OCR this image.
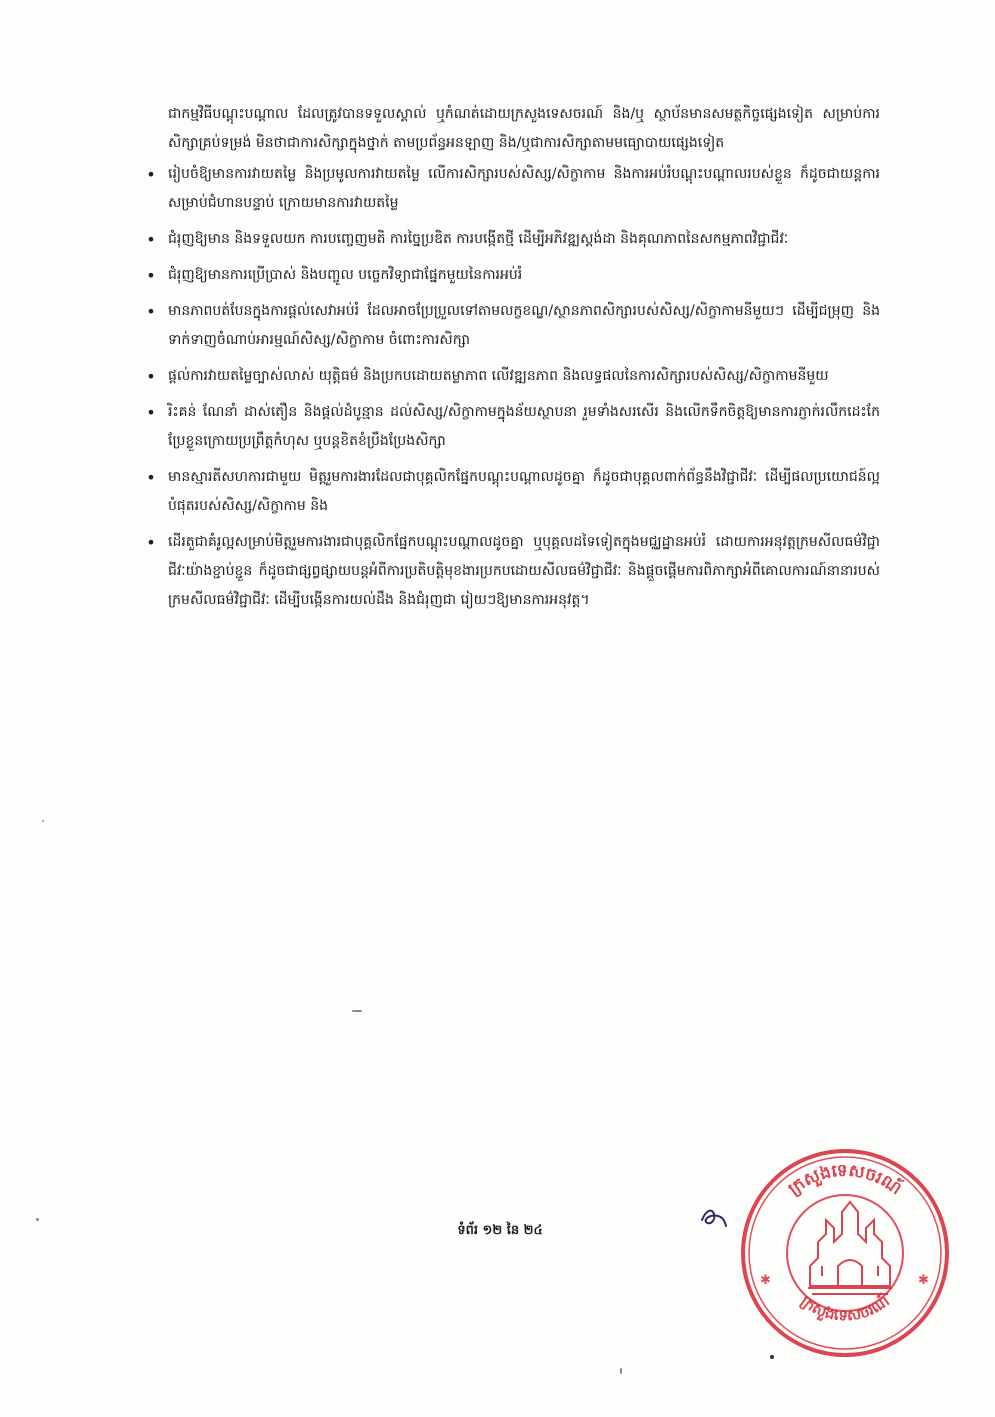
ជាកម្មវិធីបណ្តុះបណ្តាល ដែលត្រូវបានទទួលស្គាល់ ឬកំណត់ដោយក្រសួងទេសចរណ៍ និង/ឬ ស្ថាប័នមានសមត្ថកិច្ចផ្សេងទៀត សម្រាប់ការសិក្សាគ្រប់ទម្រង់ មិនថាជាការសិក្សាក្នុងថ្នាក់ តាមប្រព័ន្ធអនឡាញ និង/ឬជាការសិក្សាតាមមធ្យោបាយផ្សេងទៀត

• រៀបចំឱ្យមានការវាយតម្លៃ និងប្រមូលការវាយតម្លៃ លើការសិក្សារបស់សិស្ស/សិក្ខាកាម និងការអប់រំបណ្តុះបណ្តាលរបស់ខ្លួន ក៏ដូចជាយន្តការសម្រាប់ជំហានបន្ទាប់ ក្រោយមានការវាយតម្លៃ
• ជំរុញឱ្យមាន និងទទួលយក ការបញ្ចេញមតិ ការច្នៃប្រឌិត ការបង្កើតថ្មី ដើម្បីអភិវឌ្ឍស្តង់ដា និងគុណភាពនៃសកម្មភាពវិជ្ជាជីវៈ
• ជំរុញឱ្យមានការប្រើប្រាស់ និងបញ្ចូល បច្ចេកវិទ្យាជាផ្នែកមួយនៃការអប់រំ
• មានភាពបត់បែនក្នុងការផ្តល់សេវាអប់រំ ដែលអាចប្រែប្រួលទៅតាមលក្ខខណ្ឌ/ស្ថានភាពសិក្សារបស់សិស្ស/សិក្ខាកាមនីមួយៗ ដើម្បីជម្រុញ និងទាក់ទាញចំណាប់អារម្មណ៍សិស្ស/សិក្ខាកាម ចំពោះការសិក្សា
• ផ្តល់ការវាយតម្លៃច្បាស់លាស់ យុត្តិធម៌ និងប្រកបដោយតម្លាភាព លើវឌ្ឍនភាព និងលទ្ធផលនៃការសិក្សារបស់សិស្ស/សិក្ខាកាមនីមួយ
• រិះគន់ ណែនាំ ដាស់តឿន និងផ្តល់ដំបូន្មាន ដល់សិស្ស/សិក្ខាកាមក្នុងន័យស្ថាបនា រួមទាំងសរសើរ និងលើកទឹកចិត្តឱ្យមានការភ្ញាក់រលឹកដេះកែប្រែខ្លួនក្រោយប្រព្រឹត្តកំហុស ឬបន្តខិតខំប្រឹងប្រែងសិក្សា
• មានស្មារតីសហការជាមួយ មិត្តរួមការងារដែលជាបុគ្គលិកផ្នែកបណ្តុះបណ្តាលដូចគ្នា ក៏ដូចជាបុគ្គលពាក់ព័ន្ធនឹងវិជ្ជាជីវៈ ដើម្បីផលប្រយោជន៍ល្អបំផុតរបស់សិស្ស/សិក្ខាកាម និង
• ដើរតួជាគំរូល្អសម្រាប់មិត្តរួមការងារជាបុគ្គលិកផ្នែកបណ្តុះបណ្តាលដូចគ្នា ឬបុគ្គលដទៃទៀតក្នុងមជ្ឈដ្ឋានអប់រំ ដោយការអនុវត្តក្រមសីលធម៌វិជ្ជាជីវៈយ៉ាងខ្ជាប់ខ្ជួន ក៏ដូចជាផ្សព្វផ្សាយបន្តអំពីការប្រតិបត្តិមុខងារប្រកបដោយសីលធម៌វិជ្ជាជីវៈ និងផ្តួចផ្តើមការពិភាក្សាអំពីគោលការណ៍នានារបស់ក្រមសីលធម៌វិជ្ជាជីវៈ ដើម្បីបង្កើនការយល់ដឹង និងជំរុញជា រៀយៗឱ្យមានការអនុវត្ត។
ទំព័រ ១២ នៃ ២៤
ក្រសួងទេសចរណ៍
ក្រសួងទេសចរណ៍
✱	✱
